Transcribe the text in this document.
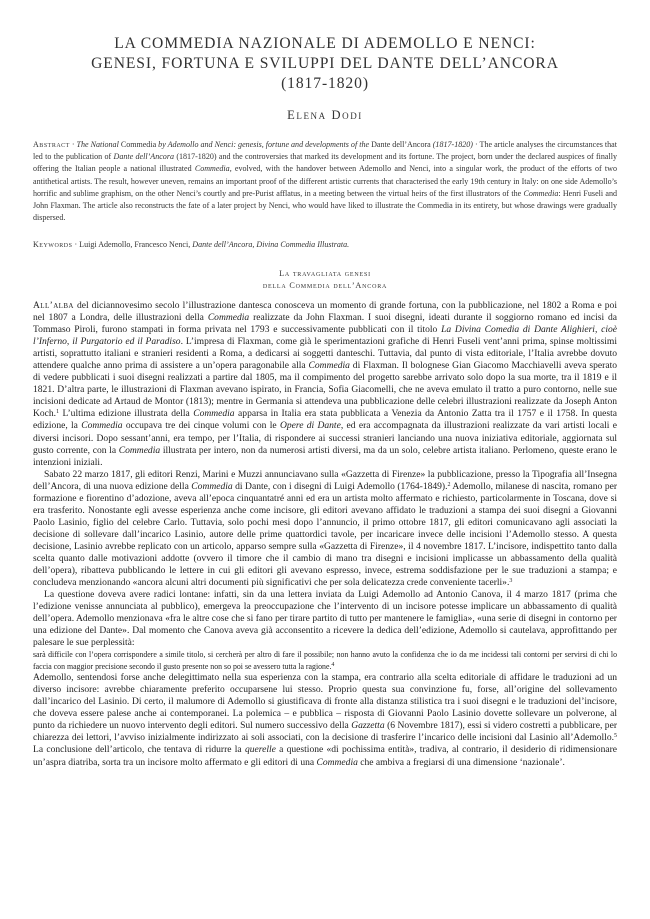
LA COMMEDIA NAZIONALE DI ADEMOLLO E NENCI:
GENESI, FORTUNA E SVILUPPI DEL DANTE DELL’ANCORA
(1817-1820)
Elena Dodi
Abstract · The National Commedia by Ademollo and Nenci: genesis, fortune and developments of the Dante dell’Ancora (1817-1820) · The article analyses the circumstances that led to the publication of Dante dell’Ancora (1817-1820) and the controversies that marked its development and its fortune. The project, born under the declared auspices of finally offering the Italian people a national illustrated Commedia, evolved, with the handover between Ademollo and Nenci, into a singular work, the product of the efforts of two antithetical artists. The result, however uneven, remains an important proof of the different artistic currents that characterised the early 19th century in Italy: on one side Ademollo’s horrific and sublime graphism, on the other Nenci’s courtly and pre-Purist afflatus, in a meeting between the virtual heirs of the first illustrators of the Commedia: Henri Fuseli and John Flaxman. The article also reconstructs the fate of a later project by Nenci, who would have liked to illustrate the Commedia in its entirety, but whose drawings were gradually dispersed.
Keywords · Luigi Ademollo, Francesco Nenci, Dante dell’Ancora, Divina Commedia Illustrata.
La travagliata genesi
della Commedia dell’Ancora

All’alba del diciannovesimo secolo l’illustrazione dantesca conosceva un momento di grande fortuna, con la pubblicazione, nel 1802 a Roma e poi nel 1807 a Londra, delle illustrazioni della Commedia realizzate da John Flaxman. I suoi disegni, ideati durante il soggiorno romano ed incisi da Tommaso Piroli, furono stampati in forma privata nel 1793 e successivamente pubblicati con il titolo La Divina Comedia di Dante Alighieri, cioè l’Inferno, il Purgatorio ed il Paradiso. L’impresa di Flaxman, come già le sperimentazioni grafiche di Henri Fuseli vent’anni prima, spinse moltissimi artisti, soprattutto italiani e stranieri residenti a Roma, a dedicarsi ai soggetti danteschi. Tuttavia, dal punto di vista editoriale, l’Italia avrebbe dovuto attendere qualche anno prima di assistere a un’opera paragonabile alla Commedia di Flaxman. Il bolognese Gian Giacomo Macchiavelli aveva sperato di vedere pubblicati i suoi disegni realizzati a partire dal 1805, ma il compimento del progetto sarebbe arrivato solo dopo la sua morte, tra il 1819 e il 1821. D’altra parte, le illustrazioni di Flaxman avevano ispirato, in Francia, Sofia Giacomelli, che ne aveva emulato il tratto a puro contorno, nelle sue incisioni dedicate ad Artaud de Montor (1813); mentre in Germania si attendeva una pubblicazione delle celebri illustrazioni realizzate da Joseph Anton Koch.$^1$ L’ultima edizione illustrata della Commedia apparsa in Italia era stata pubblicata a Venezia da Antonio Zatta tra il 1757 e il 1758. In questa edizione, la Commedia occupava tre dei cinque volumi con le Opere di Dante, ed era accompagnata da illustrazioni realizzate da vari artisti locali e diversi incisori. Dopo sessant’anni, era tempo, per l’Italia, di rispondere ai successi stranieri lanciando una nuova iniziativa editoriale, aggiornata sul gusto corrente, con la Commedia illustrata per intero, non da numerosi artisti diversi, ma da un solo, celebre artista italiano. Perlomeno, queste erano le intenzioni iniziali.

Sabato 22 marzo 1817, gli editori Renzi, Marini e Muzzi annunciavano sulla «Gazzetta di Firenze» la pubblicazione, presso la Tipografia all’Insegna dell’Ancora, di una nuova edizione della Commedia di Dante, con i disegni di Luigi Ademollo (1764-1849).$^2$ Ademollo, milanese di nascita, romano per formazione e fiorentino d’adozione, aveva all’epoca cinquantatré anni ed era un artista molto affermato e richiesto, particolarmente in Toscana, dove si era trasferito. Nonostante egli avesse esperienza anche come incisore, gli editori avevano affidato le traduzioni a stampa dei suoi disegni a Giovanni Paolo Lasinio, figlio del celebre Carlo. Tuttavia, solo pochi mesi dopo l’annuncio, il primo ottobre 1817, gli editori comunicavano agli associati la decisione di sollevare dall’incarico Lasinio, autore delle prime quattordici tavole, per incaricare invece delle incisioni l’Ademollo stesso. A questa decisione, Lasinio avrebbe replicato con un articolo, apparso sempre sulla «Gazzetta di Firenze», il 4 novembre 1817. L’incisore, indispettito tanto dalla scelta quanto dalle motivazioni addotte (ovvero il timore che il cambio di mano tra disegni e incisioni implicasse un abbassamento della qualità dell’opera), ribatteva pubblicando le lettere in cui gli editori gli avevano espresso, invece, estrema soddisfazione per le sue traduzioni a stampa; e concludeva menzionando «ancora alcuni altri documenti più significativi che per sola delicatezza crede conveniente tacerli».$^3$

La questione doveva avere radici lontane: infatti, sin da una lettera inviata da Luigi Ademollo ad Antonio Canova, il 4 marzo 1817 (prima che l’edizione venisse annunciata al pubblico), emergeva la preoccupazione che l’intervento di un incisore potesse implicare un abbassamento di qualità dell’opera. Ademollo menzionava «fra le altre cose che si fano per tirare partito di tutto per mantenere le famiglia», «una serie di disegni in contorno per una edizione del Dante». Dal momento che Canova aveva già acconsentito a ricevere la dedica dell’edizione, Ademollo si cautelava, approfittando per palesare le sue perplessità:

sarà difficile con l’opera corrispondere a simile titolo, si cercherà per altro di fare il possibile; non hanno avuto la confidenza che io da me incidessi tali contorni per servirsi di chi lo faccia con maggior precisione secondo il gusto presente non so poi se avessero tutta la ragione.$^4$

Ademollo, sentendosi forse anche delegittimato nella sua esperienza con la stampa, era contrario alla scelta editoriale di affidare le traduzioni ad un diverso incisore: avrebbe chiaramente preferito occuparsene lui stesso. Proprio questa sua convinzione fu, forse, all’origine del sollevamento dall’incarico del Lasinio. Di certo, il malumore di Ademollo si giustificava di fronte alla distanza stilistica tra i suoi disegni e le traduzioni del’incisore, che doveva essere palese anche ai contemporanei. La polemica – e pubblica – risposta di Giovanni Paolo Lasinio dovette sollevare un polverone, al punto da richiedere un nuovo intervento degli editori. Sul numero successivo della Gazzetta (6 Novembre 1817), essi si videro costretti a pubblicare, per chiarezza dei lettori, l’avviso inizialmente indirizzato ai soli associati, con la decisione di trasferire l’incarico delle incisioni dal Lasinio all’Ademollo.$^5$ La conclusione dell’articolo, che tentava di ridurre la querelle a questione «di pochissima entità», tradiva, al contrario, il desiderio di ridimensionare un’aspra diatriba, sorta tra un incisore molto affermato e gli editori di una Commedia che ambiva a fregiarsi di una dimensione ‘nazionale’.
